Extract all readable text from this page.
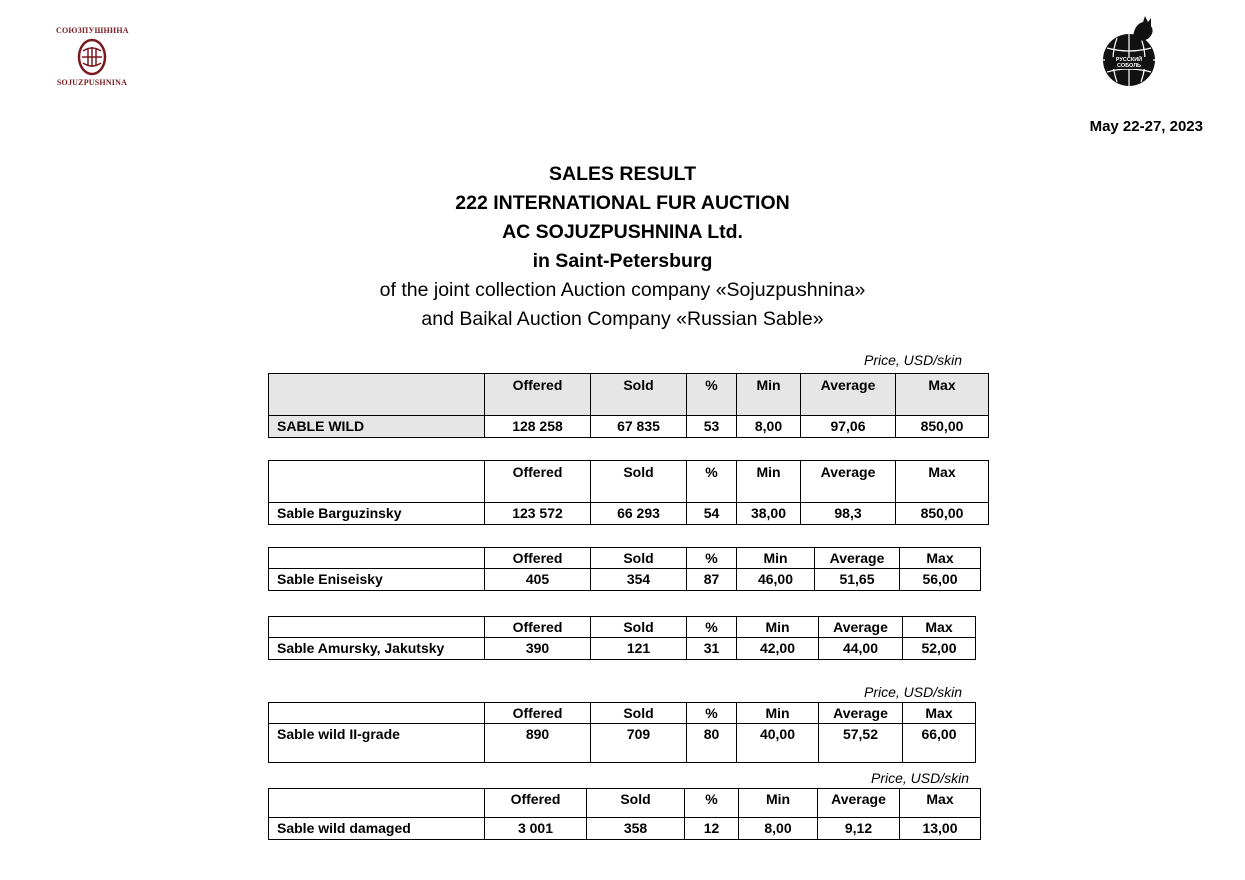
СОЮЗПУШНИНА
SOJUZPUSHNINA
РУССКИЙ СОБОЛЬ
May 22-27, 2023
SALES RESULT
222 INTERNATIONAL FUR AUCTION
AC SOJUZPUSHNINA Ltd.
in Saint-Petersburg
of the joint collection Auction company «Sojuzpushnina»
and Baikal Auction Company «Russian Sable»
Price, USD/skin
	Offered	Sold	%	Min	Average	Max
SABLE WILD	128 258	67 835	53	8,00	97,06	850,00
	Offered	Sold	%	Min	Average	Max
Sable Barguzinsky	123 572	66 293	54	38,00	98,3	850,00
	Offered	Sold	%	Min	Average	Max
Sable Eniseisky	405	354	87	46,00	51,65	56,00
	Offered	Sold	%	Min	Average	Max
Sable Amursky, Jakutsky	390	121	31	42,00	44,00	52,00
Price, USD/skin
	Offered	Sold	%	Min	Average	Max
Sable wild II-grade	890	709	80	40,00	57,52	66,00
Price, USD/skin
	Offered	Sold	%	Min	Average	Max
Sable wild damaged	3 001	358	12	8,00	9,12	13,00
